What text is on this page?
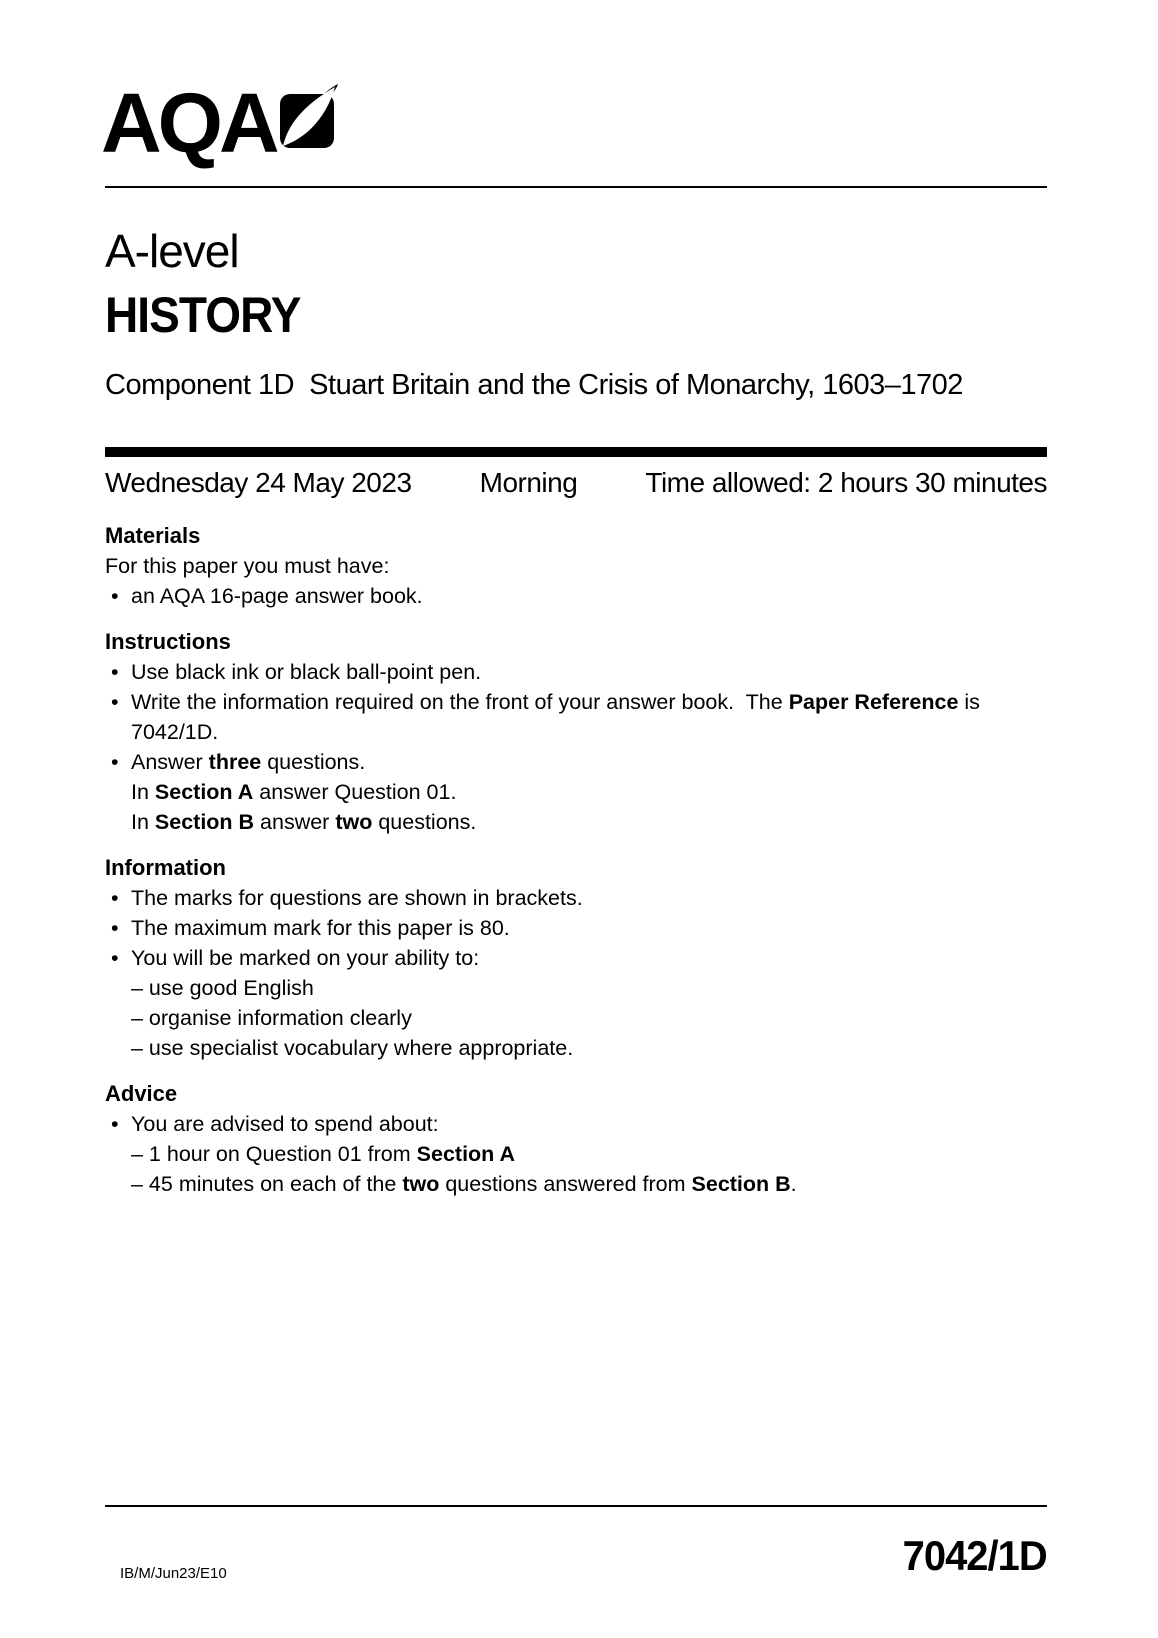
AQA
A-level
HISTORY
Component 1D  Stuart Britain and the Crisis of Monarchy, 1603–1702
Wednesday 24 May 2023 Morning Time allowed: 2 hours 30 minutes
Materials
For this paper you must have:
• an AQA 16-page answer book.
Instructions
• Use black ink or black ball-point pen.
• Write the information required on the front of your answer book.  The Paper Reference is 7042/1D.
• Answer three questions.
In Section A answer Question 01.
In Section B answer two questions.
Information
• The marks for questions are shown in brackets.
• The maximum mark for this paper is 80.
• You will be marked on your ability to:
– use good English
– organise information clearly
– use specialist vocabulary where appropriate.
Advice
• You are advised to spend about:
– 1 hour on Question 01 from Section A
– 45 minutes on each of the two questions answered from Section B.
IB/M/Jun23/E10	7042/1D
